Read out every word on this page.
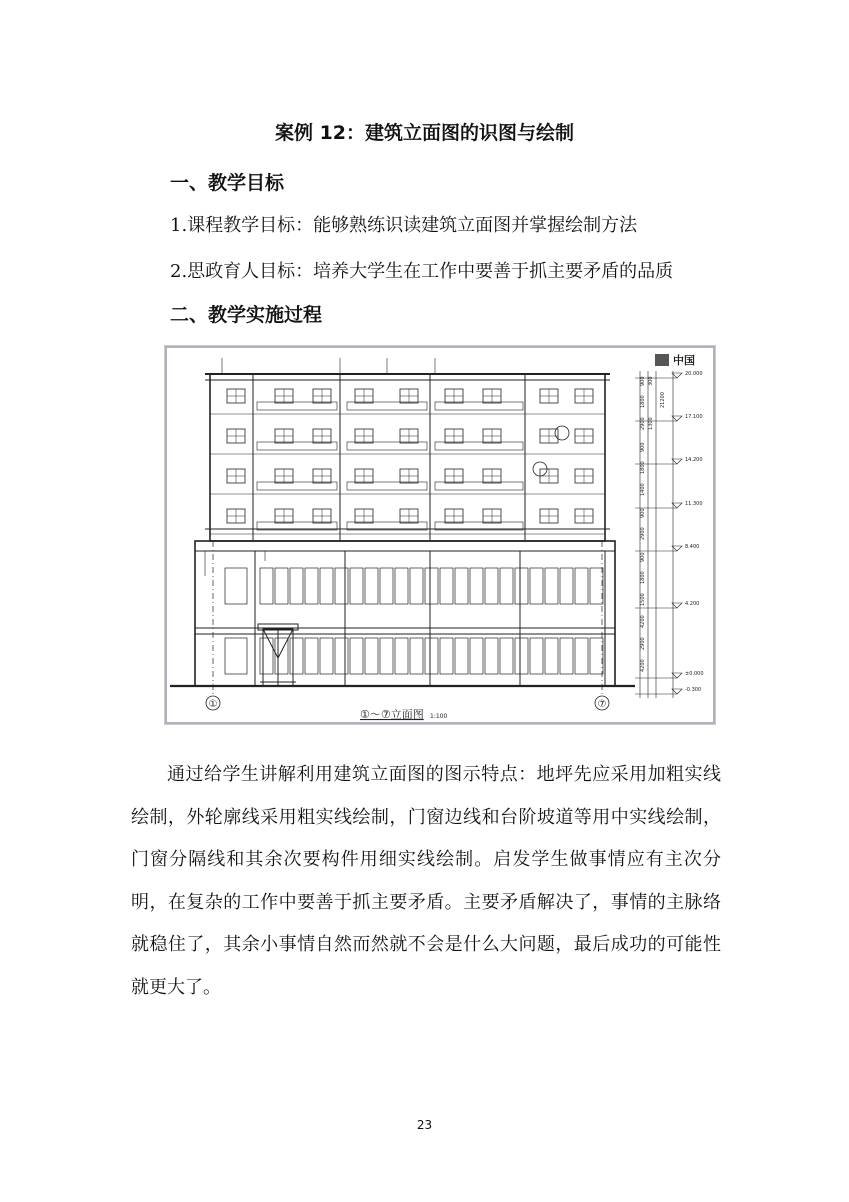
案例 12：建筑立面图的识图与绘制
一、教学目标
1.课程教学目标：能够熟练识读建筑立面图并掌握绘制方法
2.思政育人目标：培养大学生在工作中要善于抓主要矛盾的品质
二、教学实施过程
20.000
17.100
14.200
11.300
8.400
4.200
±0.000
-0.300
900
1800
2900
900
1800
1400
900
2900
900
1800
1500
4200
2900
4200
300
21200
1300
①	⑦
①～⑦立面图 1:100
中国
通过给学生讲解利用建筑立面图的图示特点：地坪先应采用加粗实线绘制，外轮廓线采用粗实线绘制，门窗边线和台阶坡道等用中实线绘制，门窗分隔线和其余次要构件用细实线绘制。启发学生做事情应有主次分明，在复杂的工作中要善于抓主要矛盾。主要矛盾解决了，事情的主脉络就稳住了，其余小事情自然而然就不会是什么大问题，最后成功的可能性就更大了。
23
